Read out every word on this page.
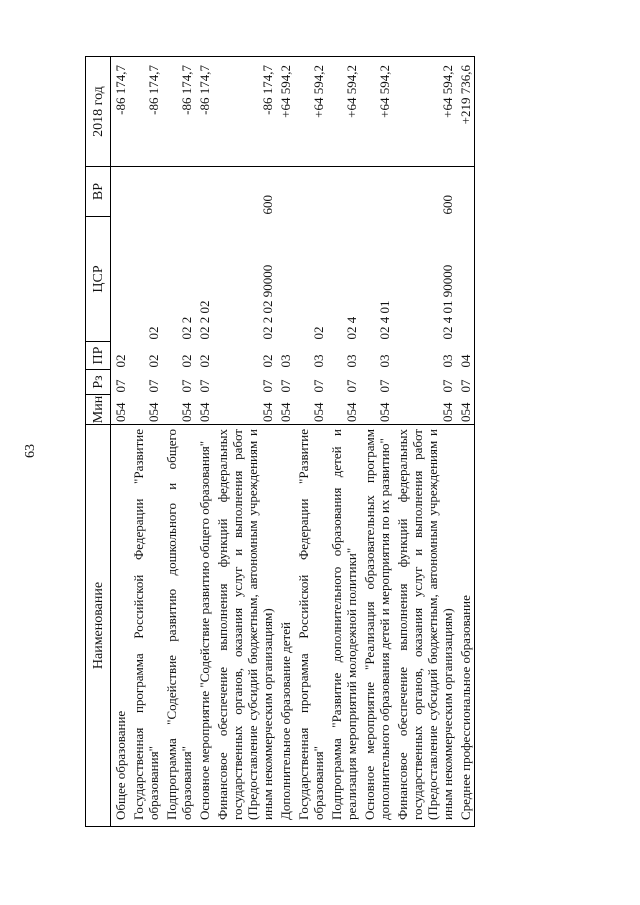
63
Наименование	Мин	Рз	ПР	ЦСР	ВР	2018 год
Общее образование	054	07	02			-86 174,7
Государственная программа Российской Федерации "Развитие образования"	054	07	02	02		-86 174,7
Подпрограмма "Содействие развитию дошкольного и общего образования"	054	07	02	02 2		-86 174,7
Основное мероприятие "Содействие развитию общего образования"	054	07	02	02 2 02		-86 174,7
Финансовое обеспечение выполнения функций федеральных государственных органов, оказания услуг и выполнения работ (Предоставление субсидий бюджетным, автономным учреждениям и иным некоммерческим организациям)	054	07	02	02 2 02 90000	600	-86 174,7
Дополнительное образование детей	054	07	03			+64 594,2
Государственная программа Российской Федерации "Развитие образования"	054	07	03	02		+64 594,2
Подпрограмма "Развитие дополнительного образования детей и реализация мероприятий молодежной политики"	054	07	03	02 4		+64 594,2
Основное мероприятие "Реализация образовательных программ дополнительного образования детей и мероприятия по их развитию"	054	07	03	02 4 01		+64 594,2
Финансовое обеспечение выполнения функций федеральных государственных органов, оказания услуг и выполнения работ (Предоставление субсидий бюджетным, автономным учреждениям и иным некоммерческим организациям)	054	07	03	02 4 01 90000	600	+64 594,2
Среднее профессиональное образование	054	07	04			+219 736,6
